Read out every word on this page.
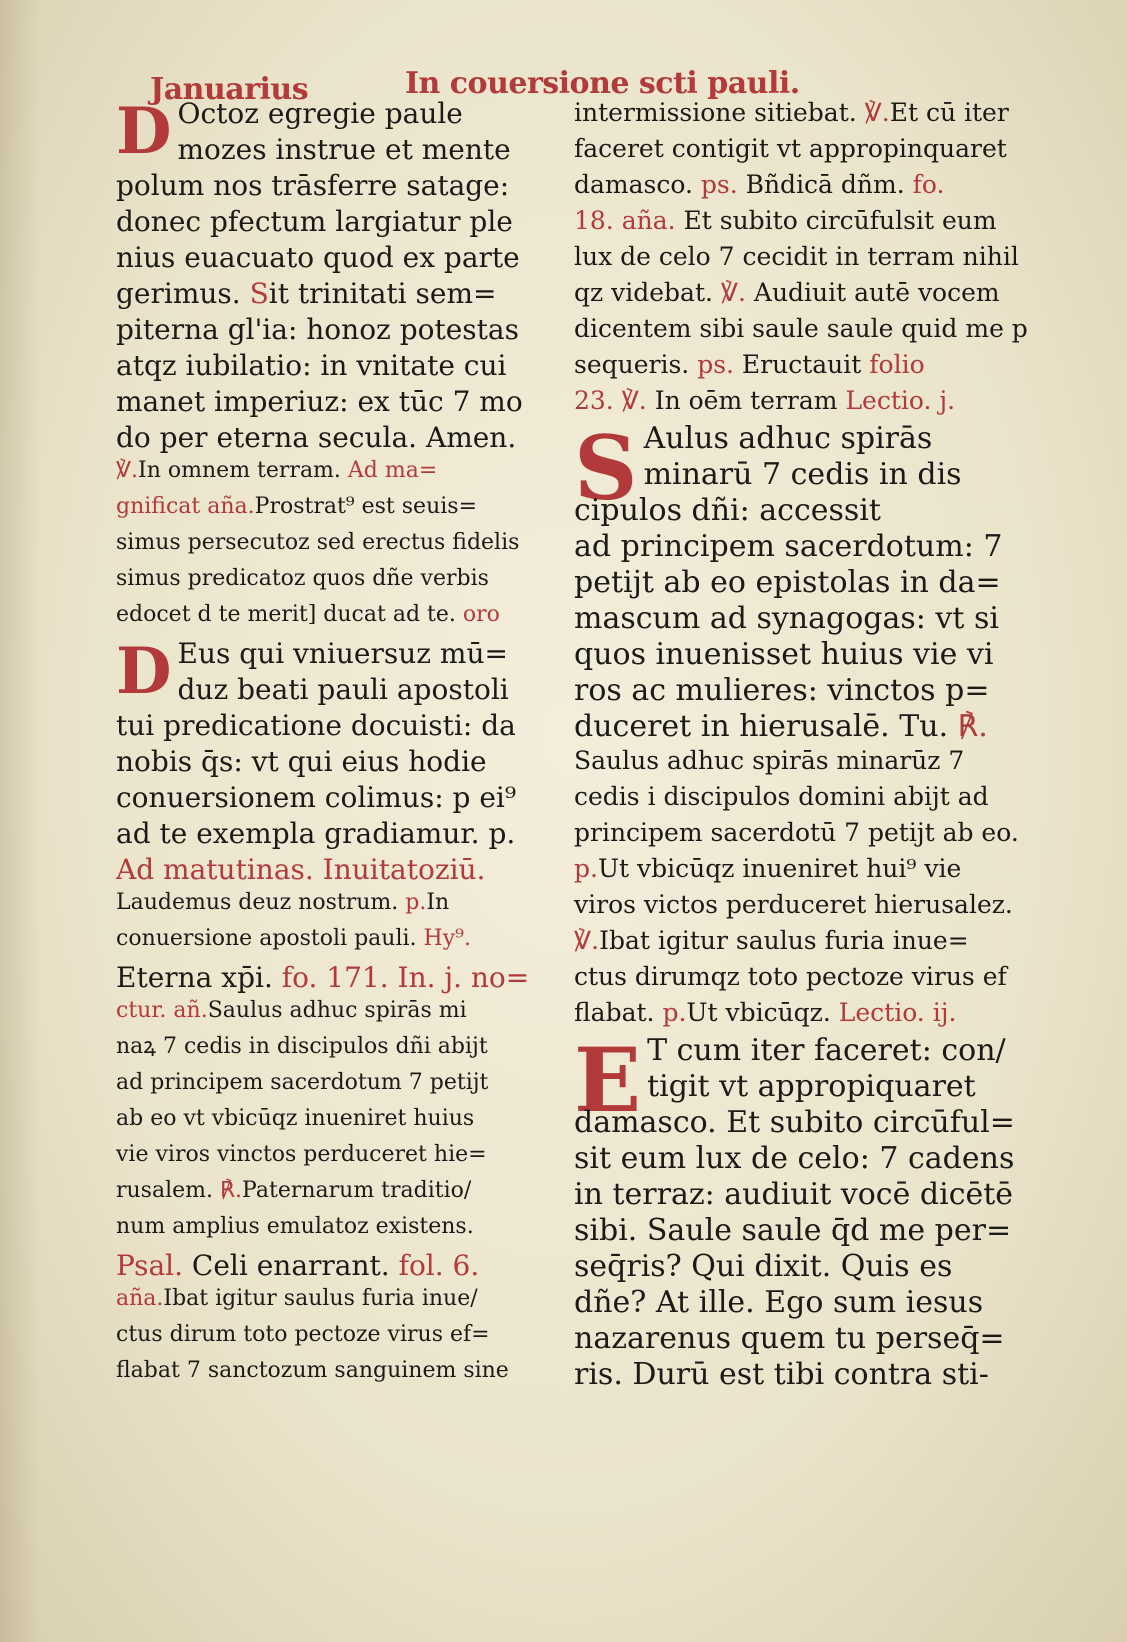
Januarius	In couersione scti pauli.
D Octoz egregie paule
mozes instrue et mente
polum nos trāsferre satage:
donec pfectum largiatur ple
nius euacuato quod ex parte
gerimus. Sit trinitati sem=
piterna gl'ia: honoz potestas
atqz iubilatio: in vnitate cui
manet imperiuz: ex tūc 7 mo
do per eterna secula. Amen.
℣.In omnem terram. Ad ma=
gnificat aña.Prostrat⁹ est seuis=
simus persecutoz sed erectus fidelis
simus predicatoz quos dñe verbis
edocet d te merit] ducat ad te. oro
D Eus qui vniuersuz mū=
duz beati pauli apostoli
tui predicatione docuisti: da
nobis q̄s: vt qui eius hodie
conuersionem colimus: p ei⁹
ad te exempla gradiamur. p.
Ad matutinas. Inuitatoziū.
Laudemus deuz nostrum. p.In
conuersione apostoli pauli. Hy⁹.
Eterna xp̄i. fo. 171. In. j. no=
ctur. añ.Saulus adhuc spirās mi
naꝝ 7 cedis in discipulos dñi abijt
ad principem sacerdotum 7 petijt
ab eo vt vbicūqz inueniret huius
vie viros vinctos perduceret hie=
rusalem. ℟.Paternarum traditio/
num amplius emulatoz existens.
Psal. Celi enarrant. fol. 6.
aña.Ibat igitur saulus furia inue/
ctus dirum toto pectoze virus ef=
flabat 7 sanctozum sanguinem sine
intermissione sitiebat. ℣.Et cū iter
faceret contigit vt appropinquaret
damasco. ps. Bñdicā dñm. fo.
18. aña. Et subito circūfulsit eum
lux de celo 7 cecidit in terram nihil
qz videbat. ℣. Audiuit autē vocem
dicentem sibi saule saule quid me p
sequeris. ps. Eructauit folio
23. ℣. In oēm terram Lectio. j.
S Aulus adhuc spirās
minarū 7 cedis in dis
cipulos dñi: accessit
ad principem sacerdotum: 7
petijt ab eo epistolas in da=
mascum ad synagogas: vt si
quos inuenisset huius vie vi
ros ac mulieres: vinctos p=
duceret in hierusalē. Tu. ℟.
Saulus adhuc spirās minarūz 7
cedis i discipulos domini abijt ad
principem sacerdotū 7 petijt ab eo.
p.Ut vbicūqz inueniret hui⁹ vie
viros victos perduceret hierusalez.
℣.Ibat igitur saulus furia inue=
ctus dirumqz toto pectoze virus ef
flabat. p.Ut vbicūqz. Lectio. ij.
E T cum iter faceret: con/
tigit vt appropiquaret
damasco. Et subito circūful=
sit eum lux de celo: 7 cadens
in terraz: audiuit vocē dicētē
sibi. Saule saule q̄d me per=
seq̄ris? Qui dixit. Quis es
dñe? At ille. Ego sum iesus
nazarenus quem tu perseq̄=
ris. Durū est tibi contra sti-
